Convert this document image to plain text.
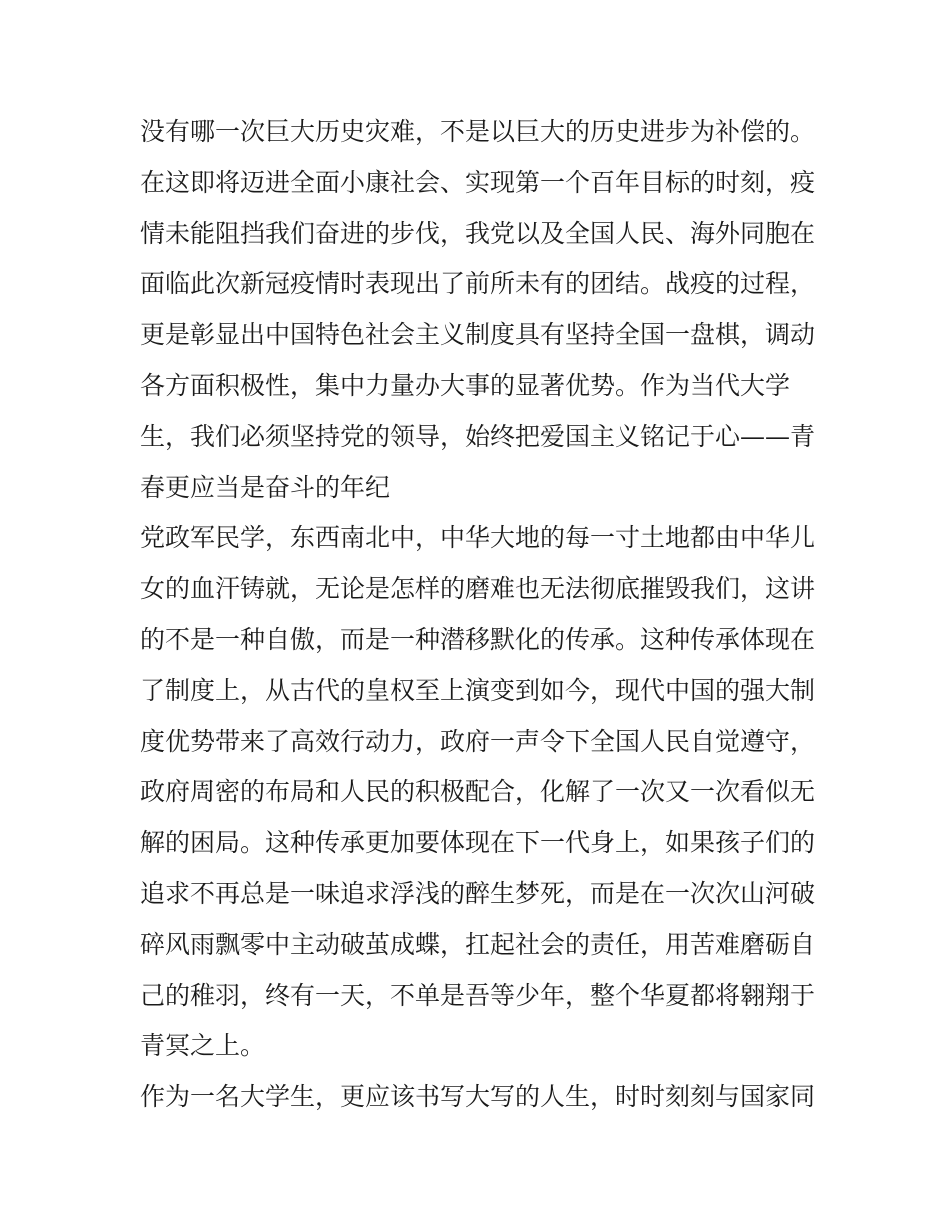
没有哪一次巨大历史灾难，不是以巨大的历史进步为补偿的。
在这即将迈进全面小康社会、实现第一个百年目标的时刻，疫
情未能阻挡我们奋进的步伐，我党以及全国人民、海外同胞在
面临此次新冠疫情时表现出了前所未有的团结。战疫的过程，
更是彰显出中国特色社会主义制度具有坚持全国一盘棋，调动
各方面积极性，集中力量办大事的显著优势。作为当代大学
生，我们必须坚持党的领导，始终把爱国主义铭记于心——青
春更应当是奋斗的年纪
党政军民学，东西南北中，中华大地的每一寸土地都由中华儿
女的血汗铸就，无论是怎样的磨难也无法彻底摧毁我们，这讲
的不是一种自傲，而是一种潜移默化的传承。这种传承体现在
了制度上，从古代的皇权至上演变到如今，现代中国的强大制
度优势带来了高效行动力，政府一声令下全国人民自觉遵守，
政府周密的布局和人民的积极配合，化解了一次又一次看似无
解的困局。这种传承更加要体现在下一代身上，如果孩子们的
追求不再总是一味追求浮浅的醉生梦死，而是在一次次山河破
碎风雨飘零中主动破茧成蝶，扛起社会的责任，用苦难磨砺自
己的稚羽，终有一天，不单是吾等少年，整个华夏都将翱翔于
青冥之上。
作为一名大学生，更应该书写大写的人生，时时刻刻与国家同
